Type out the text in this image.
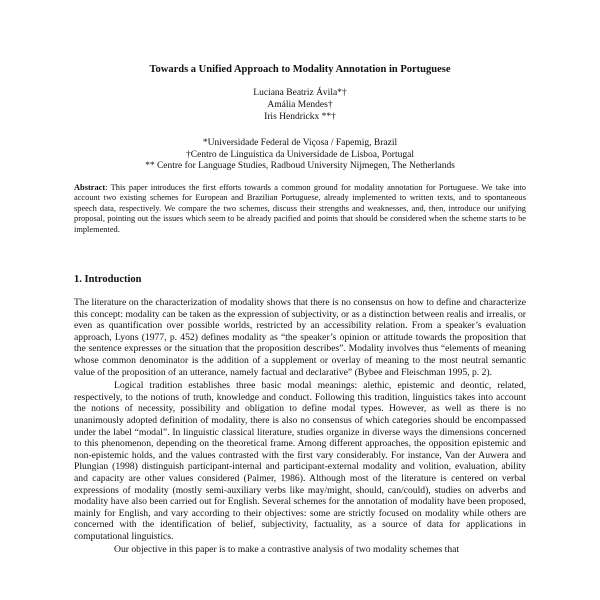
Towards a Unified Approach to Modality Annotation in Portuguese
Luciana Beatriz Ávila*†
Amália Mendes†
Iris Hendrickx **†
*Universidade Federal de Viçosa / Fapemig, Brazil
†Centro de Linguística da Universidade de Lisboa, Portugal
** Centre for Language Studies, Radboud University Nijmegen, The Netherlands
Abstract: This paper introduces the first efforts towards a common ground for modality annotation for Portuguese. We take into account two existing schemes for European and Brazilian Portuguese, already implemented to written texts, and to spontaneous speech data, respectively. We compare the two schemes, discuss their strengths and weaknesses, and, then, introduce our unifying proposal, pointing out the issues which seem to be already pacified and points that should be considered when the scheme starts to be implemented.
1. Introduction

The literature on the characterization of modality shows that there is no consensus on how to define and characterize this concept: modality can be taken as the expression of subjectivity, or as a distinction between realis and irrealis, or even as quantification over possible worlds, restricted by an accessibility relation. From a speaker’s evaluation approach, Lyons (1977, p. 452) defines modality as “the speaker’s opinion or attitude towards the proposition that the sentence expresses or the situation that the proposition describes”. Modality involves thus “elements of meaning whose common denominator is the addition of a supplement or overlay of meaning to the most neutral semantic value of the proposition of an utterance, namely factual and declarative” (Bybee and Fleischman 1995, p. 2).

Logical tradition establishes three basic modal meanings: alethic, epistemic and deontic, related, respectively, to the notions of truth, knowledge and conduct. Following this tradition, linguistics takes into account the notions of necessity, possibility and obligation to define modal types. However, as well as there is no unanimously adopted definition of modality, there is also no consensus of which categories should be encompassed under the label “modal”. In linguistic classical literature, studies organize in diverse ways the dimensions concerned to this phenomenon, depending on the theoretical frame. Among different approaches, the opposition epistemic and non-epistemic holds, and the values contrasted with the first vary considerably. For instance, Van der Auwera and Plungian (1998) distinguish participant-internal and participant-external modality and volition, evaluation, ability and capacity are other values considered (Palmer, 1986). Although most of the literature is centered on verbal expressions of modality (mostly semi-auxiliary verbs like may/might, should, can/could), studies on adverbs and modality have also been carried out for English. Several schemes for the annotation of modality have been proposed, mainly for English, and vary according to their objectives: some are strictly focused on modality while others are concerned with the identification of belief, subjectivity, factuality, as a source of data for applications in computational linguistics.

Our objective in this paper is to make a contrastive analysis of two modality schemes that
